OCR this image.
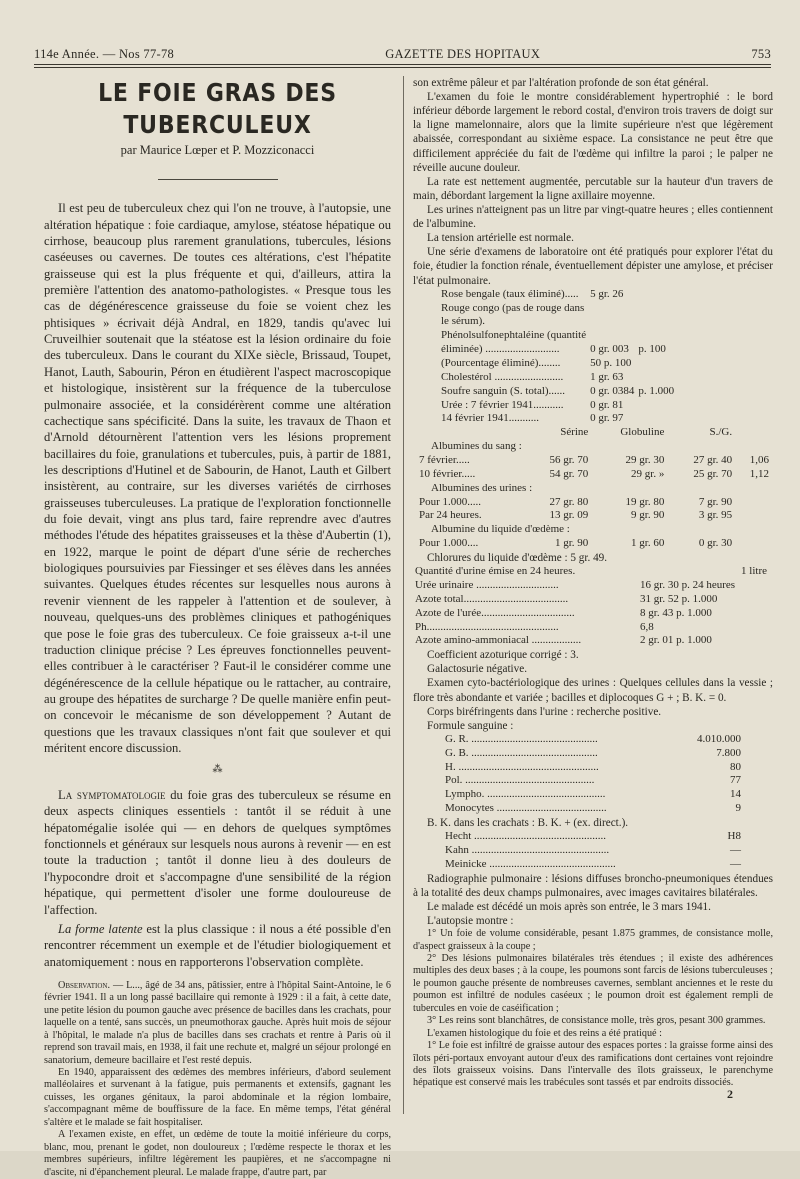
114e Année. — Nos 77-78	GAZETTE DES HOPITAUX	753
LE FOIE GRAS DES TUBERCULEUX
par Maurice Lœper et P. Mozziconacci

Il est peu de tuberculeux chez qui l'on ne trouve, à l'autopsie, une altération hépatique : foie cardiaque, amylose, stéatose hépatique ou cirrhose, beaucoup plus rarement granulations, tubercules, lésions caséeuses ou cavernes. De toutes ces altérations, c'est l'hépatite graisseuse qui est la plus fréquente et qui, d'ailleurs, attira la première l'attention des anatomo-pathologistes. « Presque tous les cas de dégénérescence graisseuse du foie se voient chez les phtisiques » écrivait déjà Andral, en 1829, tandis qu'avec lui Cruveilhier soutenait que la stéatose est la lésion ordinaire du foie des tuberculeux. Dans le courant du XIXe siècle, Brissaud, Toupet, Hanot, Lauth, Sabourin, Péron en étudièrent l'aspect macroscopique et histologique, insistèrent sur la fréquence de la tuberculose pulmonaire associée, et la considérèrent comme une altération cachectique sans spécificité. Dans la suite, les travaux de Thaon et d'Arnold détournèrent l'attention vers les lésions proprement bacillaires du foie, granulations et tubercules, puis, à partir de 1881, les descriptions d'Hutinel et de Sabourin, de Hanot, Lauth et Gilbert insistèrent, au contraire, sur les diverses variétés de cirrhoses graisseuses tuberculeuses. La pratique de l'exploration fonctionnelle du foie devait, vingt ans plus tard, faire reprendre avec d'autres méthodes l'étude des hépatites graisseuses et la thèse d'Aubertin (1), en 1922, marque le point de départ d'une série de recherches biologiques poursuivies par Fiessinger et ses élèves dans les années suivantes. Quelques études récentes sur lesquelles nous aurons à revenir viennent de les rappeler à l'attention et de soulever, à nouveau, quelques-uns des problèmes cliniques et pathogéniques que pose le foie gras des tuberculeux. Ce foie graisseux a-t-il une traduction clinique précise ? Les épreuves fonctionnelles peuvent-elles contribuer à le caractériser ? Faut-il le considérer comme une dégénérescence de la cellule hépatique ou le rattacher, au contraire, au groupe des hépatites de surcharge ? De quelle manière enfin peut-on concevoir le mécanisme de son développement ? Autant de questions que les travaux classiques n'ont fait que soulever et qui méritent encore discussion.

⁂

La symptomatologie du foie gras des tuberculeux se résume en deux aspects cliniques essentiels : tantôt il se réduit à une hépatomégalie isolée qui — en dehors de quelques symptômes fonctionnels et généraux sur lesquels nous aurons à revenir — en est toute la traduction ; tantôt il donne lieu à des douleurs de l'hypocondre droit et s'accompagne d'une sensibilité de la région hépatique, qui permettent d'isoler une forme douloureuse de l'affection.

La forme latente est la plus classique : il nous a été possible d'en rencontrer récemment un exemple et de l'étudier biologiquement et anatomiquement : nous en rapporterons l'observation complète.

Observation. — L..., âgé de 34 ans, pâtissier, entre à l'hôpital Saint-Antoine, le 6 février 1941. Il a un long passé bacillaire qui remonte à 1929 : il a fait, à cette date, une petite lésion du poumon gauche avec présence de bacilles dans les crachats, pour laquelle on a tenté, sans succès, un pneumothorax gauche. Après huit mois de séjour à l'hôpital, le malade n'a plus de bacilles dans ses crachats et rentre à Paris où il reprend son travail mais, en 1938, il fait une rechute et, malgré un séjour prolongé en sanatorium, demeure bacillaire et l'est resté depuis.

En 1940, apparaissent des œdèmes des membres inférieurs, d'abord seulement malléolaires et survenant à la fatigue, puis permanents et extensifs, gagnant les cuisses, les organes génitaux, la paroi abdominale et la région lombaire, s'accompagnant même de bouffissure de la face. En même temps, l'état général s'altère et le malade se fait hospitaliser.

A l'examen existe, en effet, un œdème de toute la moitié inférieure du corps, blanc, mou, prenant le godet, non douloureux ; l'œdème respecte le thorax et les membres supérieurs, infiltre légèrement les paupières, et ne s'accompagne ni d'ascite, ni d'épanchement pleural. Le malade frappe, d'autre part, par

son extrême pâleur et par l'altération profonde de son état général.

L'examen du foie le montre considérablement hypertrophié : le bord inférieur déborde largement le rebord costal, d'environ trois travers de doigt sur la ligne mamelonnaire, alors que la limite supérieure n'est que légèrement abaissée, correspondant au sixième espace. La consistance ne peut être que difficilement appréciée du fait de l'œdème qui infiltre la paroi ; le palper ne réveille aucune douleur.

La rate est nettement augmentée, percutable sur la hauteur d'un travers de main, débordant largement la ligne axillaire moyenne.

Les urines n'atteignent pas un litre par vingt-quatre heures ; elles contiennent de l'albumine.

La tension artérielle est normale.

Une série d'examens de laboratoire ont été pratiqués pour explorer l'état du foie, étudier la fonction rénale, éventuellement dépister une amylose, et préciser l'état pulmonaire.

Rose bengale (taux éliminé).....	5 gr. 26	
Rouge congo (pas de rouge dans		
le sérum).		
Phénolsulfonephtaléine (quantité		
éliminée) ...........................	0 gr. 003	p. 100
(Pourcentage éliminé)........	50 p. 100	
Cholestérol .........................	1 gr. 63	
Soufre sanguin (S. total)......	0 gr. 0384	p. 1.000
Urée : 7 février 1941...........	0 gr. 81	
14 février 1941...........	0 gr. 97	
	Sérine	Globuline	S./G.	
Albumines du sang :				
7 février.....	56 gr. 70	29 gr. 30	27 gr. 40	1,06
10 février.....	54 gr. 70	29 gr. »	25 gr. 70	1,12
Albumines des urines :				
Pour 1.000.....	27 gr. 80	19 gr. 80	7 gr. 90	
Par 24 heures.	13 gr. 09	9 gr. 90	3 gr. 95	
Albumine du liquide d'œdème :				
Pour 1.000....	1 gr. 90	1 gr. 60	0 gr. 30	

Chlorures du liquide d'œdème : 5 gr. 49.

Quantité d'urine émise en 24 heures.	1 litre
Urée urinaire ..............................	16 gr. 30 p. 24 heures
Azote total......................................	31 gr. 52 p. 1.000
Azote de l'urée..................................	8 gr. 43 p. 1.000
Ph................................................	6,8
Azote amino-ammoniacal ..................	2 gr. 01 p. 1.000

Coefficient azoturique corrigé : 3.

Galactosurie négative.

Examen cyto-bactériologique des urines : Quelques cellules dans la vessie ; flore très abondante et variée ; bacilles et diplocoques G + ; B. K. = 0.

Corps biréfringents dans l'urine : recherche positive.

Formule sanguine :

G. R. ..............................................	4.010.000
G. B. ..............................................	7.800
H. ...................................................	80
Pol. ...............................................	77
Lympho. ...........................................	14
Monocytes ........................................	9

B. K. dans les crachats : B. K. + (ex. direct.).

Hecht ................................................	H8
Kahn ..................................................	—
Meinicke ..............................................	—

Radiographie pulmonaire : lésions diffuses broncho-pneumoniques étendues à la totalité des deux champs pulmonaires, avec images cavitaires bilatérales.

Le malade est décédé un mois après son entrée, le 3 mars 1941.

L'autopsie montre :

1° Un foie de volume considérable, pesant 1.875 grammes, de consistance molle, d'aspect graisseux à la coupe ;

2° Des lésions pulmonaires bilatérales très étendues ; il existe des adhérences multiples des deux bases ; à la coupe, les poumons sont farcis de lésions tuberculeuses ; le poumon gauche présente de nombreuses cavernes, semblant anciennes et le reste du poumon est infiltré de nodules caséeux ; le poumon droit est également rempli de tubercules en voie de caséification ;

3° Les reins sont blanchâtres, de consistance molle, très gros, pesant 300 grammes.

L'examen histologique du foie et des reins a été pratiqué :

1° Le foie est infiltré de graisse autour des espaces portes : la graisse forme ainsi des îlots péri-portaux envoyant autour d'eux des ramifications dont certaines vont rejoindre des îlots graisseux voisins. Dans l'intervalle des îlots graisseux, le parenchyme hépatique est conservé mais les trabécules sont tassés et par endroits dissociés.

2
